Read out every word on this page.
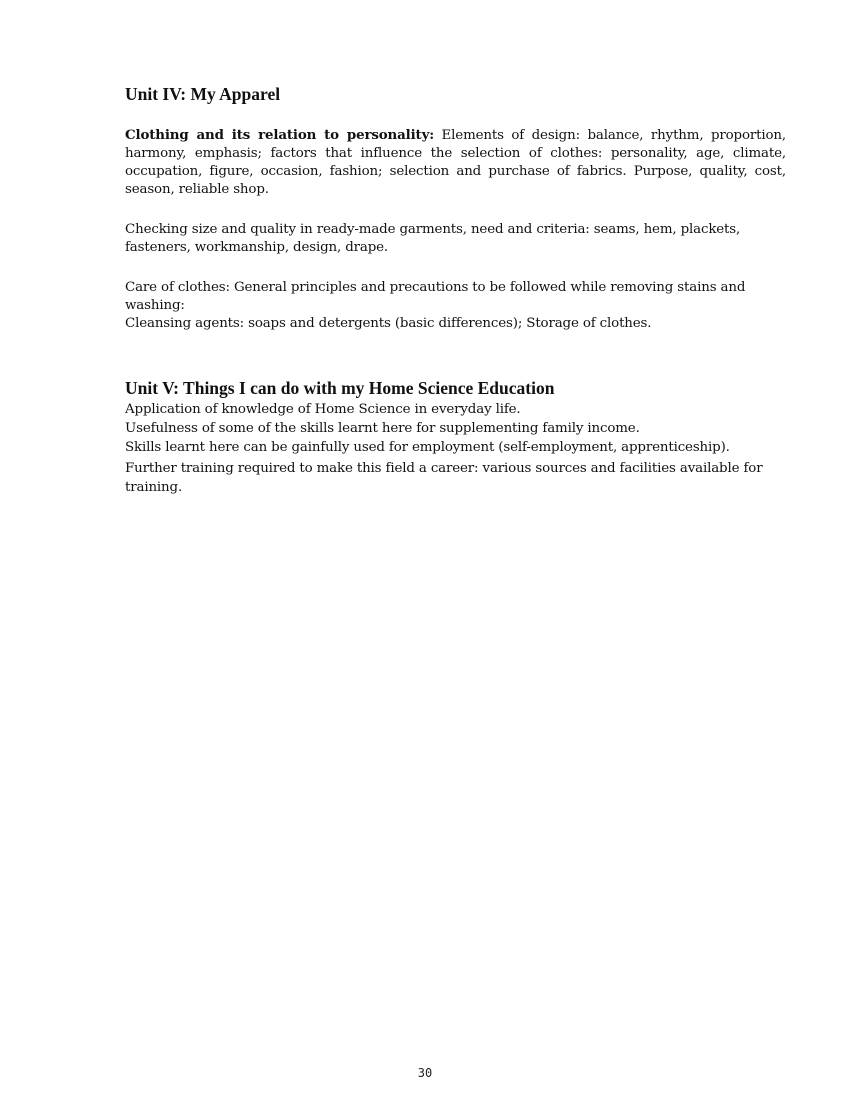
Unit IV: My Apparel

Clothing and its relation to personality: Elements of design: balance, rhythm, proportion, harmony, emphasis; factors that influence the selection of clothes: personality, age, climate, occupation, figure, occasion, fashion; selection and purchase of fabrics. Purpose, quality, cost, season, reliable shop.

Checking size and quality in ready-made garments, need and criteria: seams, hem, plackets,
fasteners, workmanship, design, drape.
Care of clothes: General principles and precautions to be followed while removing stains and
washing:
Cleansing agents: soaps and detergents (basic differences); Storage of clothes.
Unit V: Things I can do with my Home Science Education
Application of knowledge of Home Science in everyday life.
Usefulness of some of the skills learnt here for supplementing family income.
Skills learnt here can be gainfully used for employment (self-employment, apprenticeship).
Further training required to make this field a career: various sources and facilities available for
training.
30
